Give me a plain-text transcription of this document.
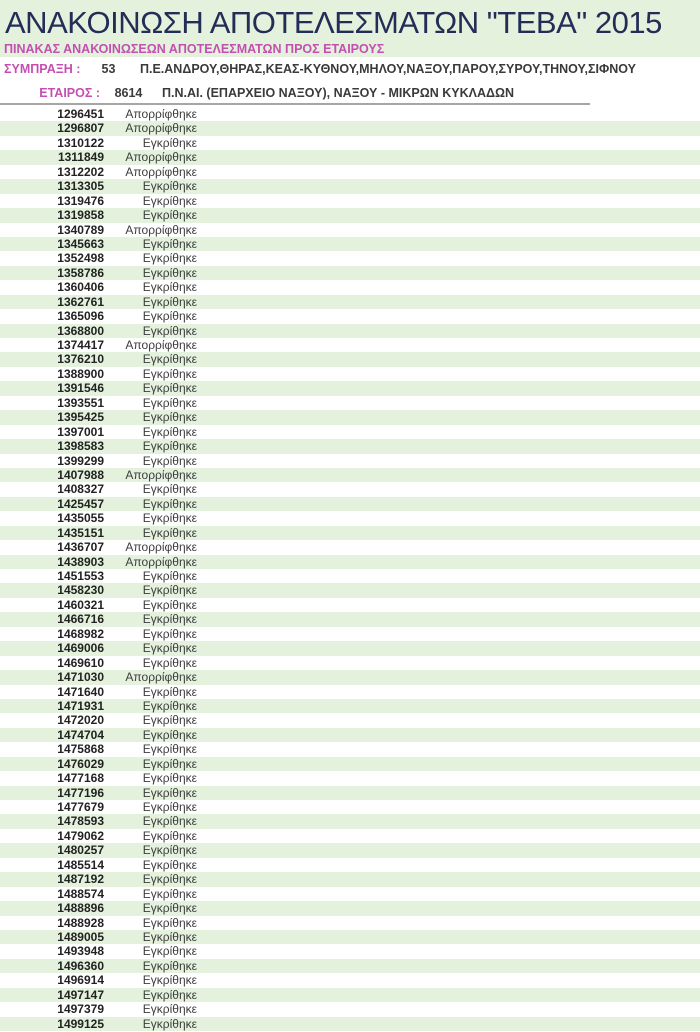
ΑΝΑΚΟΙΝΩΣΗ ΑΠΟΤΕΛΕΣΜΑΤΩΝ "ΤΕΒΑ" 2015
ΠΙΝΑΚΑΣ ΑΝΑΚΟΙΝΩΣΕΩΝ ΑΠΟΤΕΛΕΣΜΑΤΩΝ ΠΡΟΣ ΕΤΑΙΡΟΥΣ
ΣΥΜΠΡΑΞΗ : 53 Π.Ε.ΑΝΔΡΟΥ,ΘΗΡΑΣ,ΚΕΑΣ-ΚΥΘΝΟΥ,ΜΗΛΟΥ,ΝΑΞΟΥ,ΠΑΡΟΥ,ΣΥΡΟΥ,ΤΗΝΟΥ,ΣΙΦΝΟΥ
ΕΤΑΙΡΟΣ : 8614 Π.Ν.ΑΙ. (ΕΠΑΡΧΕΙΟ ΝΑΞΟΥ), ΝΑΞΟΥ - ΜΙΚΡΩΝ ΚΥΚΛΑΔΩΝ
1296451 Απορρίφθηκε
1296807 Απορρίφθηκε
1310122	Εγκρίθηκε
1311849 Απορρίφθηκε
1312202 Απορρίφθηκε
1313305	Εγκρίθηκε
1319476	Εγκρίθηκε
1319858	Εγκρίθηκε
1340789 Απορρίφθηκε
1345663	Εγκρίθηκε
1352498	Εγκρίθηκε
1358786	Εγκρίθηκε
1360406	Εγκρίθηκε
1362761	Εγκρίθηκε
1365096	Εγκρίθηκε
1368800	Εγκρίθηκε
1374417 Απορρίφθηκε
1376210	Εγκρίθηκε
1388900	Εγκρίθηκε
1391546	Εγκρίθηκε
1393551	Εγκρίθηκε
1395425	Εγκρίθηκε
1397001	Εγκρίθηκε
1398583	Εγκρίθηκε
1399299	Εγκρίθηκε
1407988 Απορρίφθηκε
1408327	Εγκρίθηκε
1425457	Εγκρίθηκε
1435055	Εγκρίθηκε
1435151	Εγκρίθηκε
1436707 Απορρίφθηκε
1438903 Απορρίφθηκε
1451553	Εγκρίθηκε
1458230	Εγκρίθηκε
1460321	Εγκρίθηκε
1466716	Εγκρίθηκε
1468982	Εγκρίθηκε
1469006	Εγκρίθηκε
1469610	Εγκρίθηκε
1471030 Απορρίφθηκε
1471640	Εγκρίθηκε
1471931	Εγκρίθηκε
1472020	Εγκρίθηκε
1474704	Εγκρίθηκε
1475868	Εγκρίθηκε
1476029	Εγκρίθηκε
1477168	Εγκρίθηκε
1477196	Εγκρίθηκε
1477679	Εγκρίθηκε
1478593	Εγκρίθηκε
1479062	Εγκρίθηκε
1480257	Εγκρίθηκε
1485514	Εγκρίθηκε
1487192	Εγκρίθηκε
1488574	Εγκρίθηκε
1488896	Εγκρίθηκε
1488928	Εγκρίθηκε
1489005	Εγκρίθηκε
1493948	Εγκρίθηκε
1496360	Εγκρίθηκε
1496914	Εγκρίθηκε
1497147	Εγκρίθηκε
1497379	Εγκρίθηκε
1499125	Εγκρίθηκε
